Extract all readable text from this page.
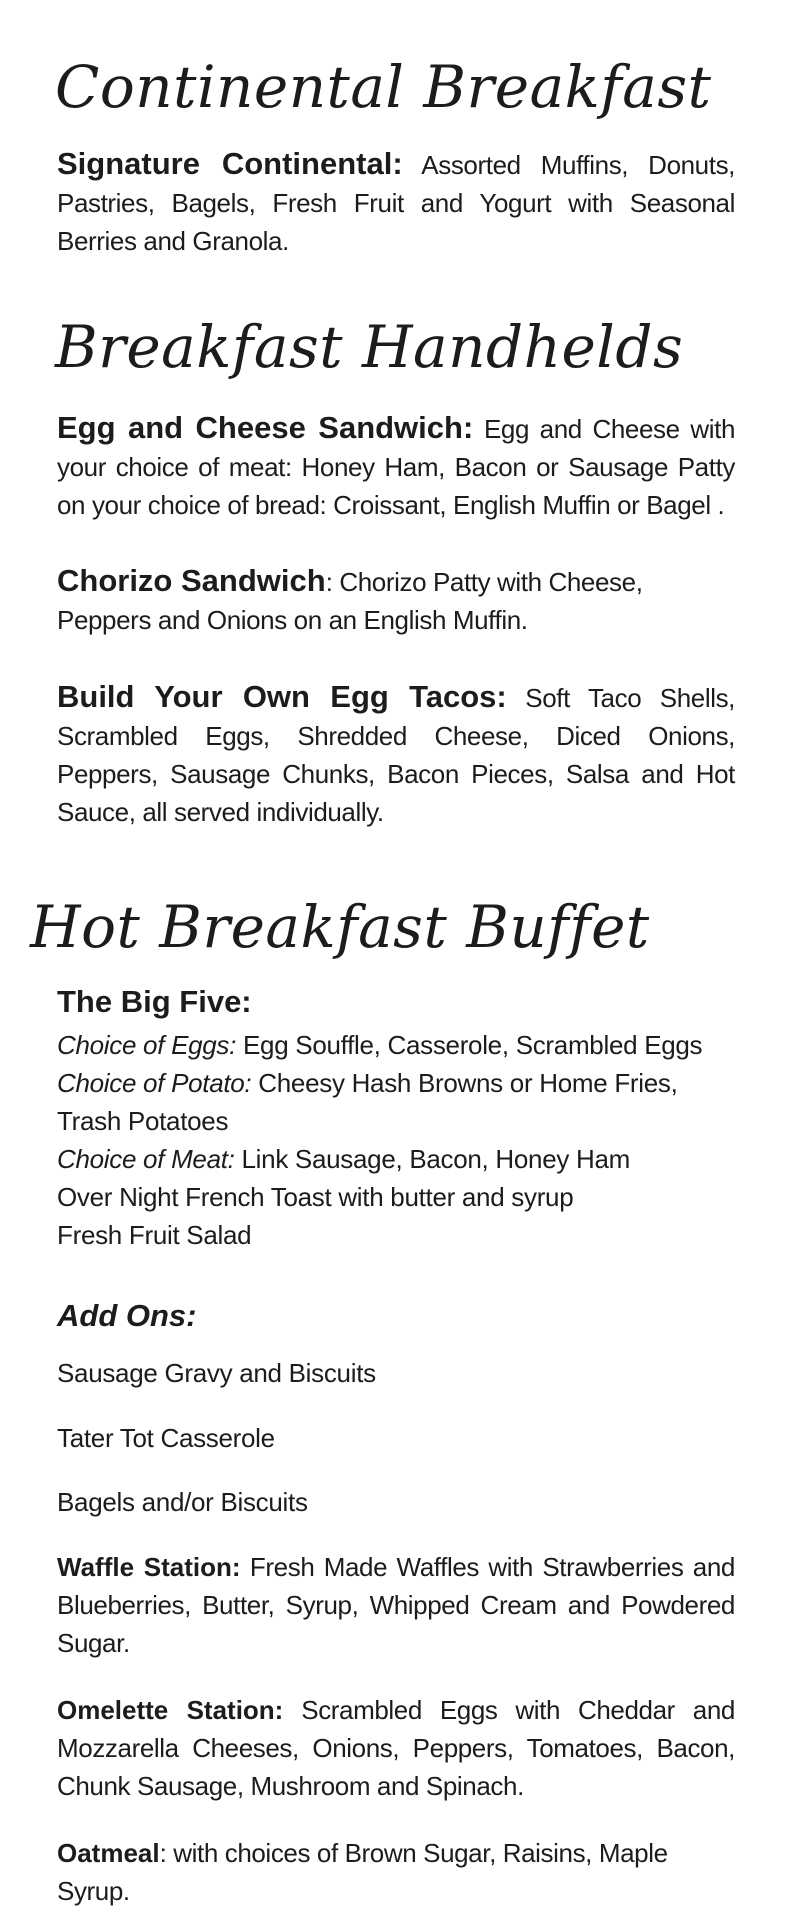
Continental Breakfast

Signature Continental: Assorted Muffins, Donuts, Pastries, Bagels, Fresh Fruit and Yogurt with Seasonal Berries and Granola.

Breakfast Handhelds

Egg and Cheese Sandwich: Egg and Cheese with your choice of meat: Honey Ham, Bacon or Sausage Patty on your choice of bread: Croissant, English Muffin or Bagel .

Chorizo Sandwich: Chorizo Patty with Cheese, Peppers and Onions on an English Muffin.

Build Your Own Egg Tacos: Soft Taco Shells, Scrambled Eggs, Shredded Cheese, Diced Onions, Peppers, Sausage Chunks, Bacon Pieces, Salsa and Hot Sauce, all served individually.

Hot Breakfast Buffet

The Big Five:

Choice of Eggs: Egg Souffle, Casserole, Scrambled Eggs

Choice of Potato: Cheesy Hash Browns or Home Fries,

Trash Potatoes

Choice of Meat: Link Sausage, Bacon, Honey Ham

Over Night French Toast with butter and syrup

Fresh Fruit Salad

Add Ons:

Sausage Gravy and Biscuits

Tater Tot Casserole

Bagels and/or Biscuits

Waffle Station: Fresh Made Waffles with Strawberries and Blueberries, Butter, Syrup, Whipped Cream and Powdered Sugar.

Omelette Station: Scrambled Eggs with Cheddar and Mozzarella Cheeses, Onions, Peppers, Tomatoes, Bacon, Chunk Sausage, Mushroom and Spinach.

Oatmeal: with choices of Brown Sugar, Raisins, Maple Syrup.
